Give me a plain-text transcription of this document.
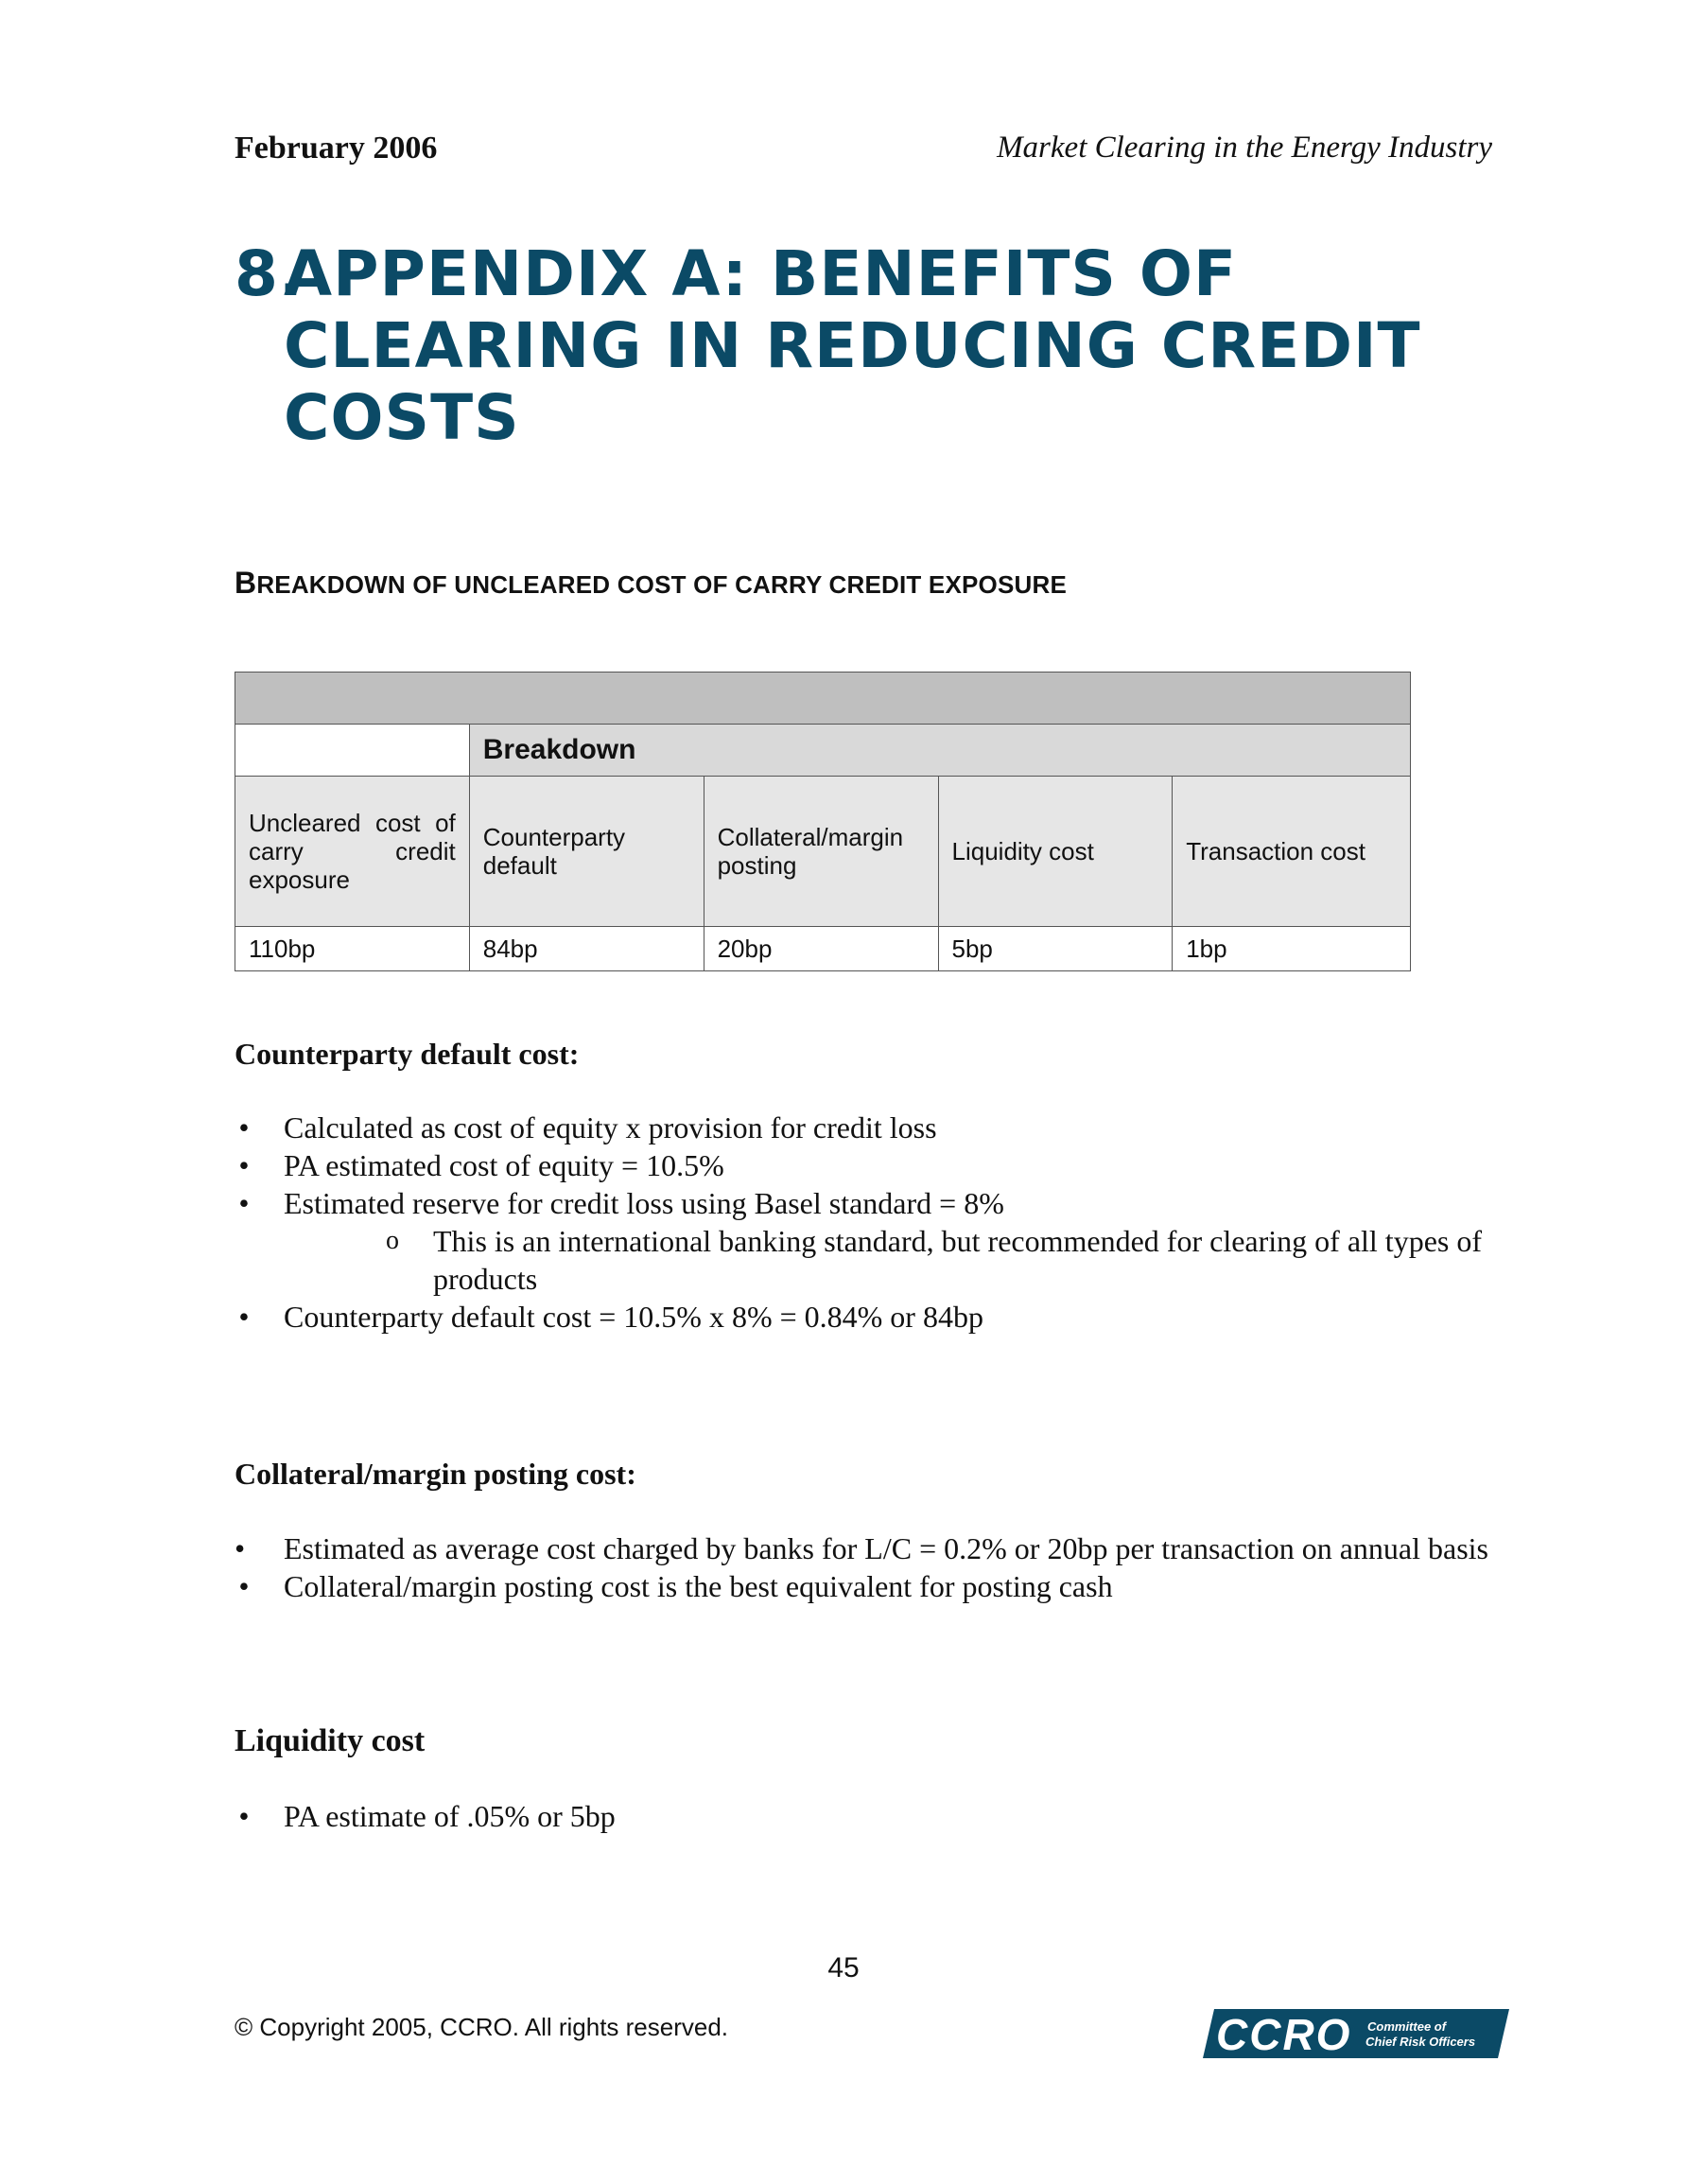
February 2006	Market Clearing in the Energy Industry
8.APPENDIX A: BENEFITS OF
CLEARING IN REDUCING CREDIT
COSTS
BREAKDOWN OF UNCLEARED COST OF CARRY CREDIT EXPOSURE

	Breakdown			
Uncleared cost of carry credit exposure	Counterparty default	Collateral/margin posting	Liquidity cost	Transaction cost
110bp	84bp	20bp	5bp	1bp
Counterparty default cost:
• Calculated as cost of equity x provision for credit loss
• PA estimated cost of equity = 10.5%
• Estimated reserve for credit loss using Basel standard = 8%
o This is an international banking standard, but recommended for clearing of all types of products
• Counterparty default cost = 10.5% x 8% = 0.84% or 84bp
Collateral/margin posting cost:
• Estimated as average cost charged by banks for L/C = 0.2% or 20bp per transaction on annual basis
• Collateral/margin posting cost is the best equivalent for posting cash
Liquidity cost
• PA estimate of .05% or 5bp
45
© Copyright 2005, CCRO. All rights reserved.	CCRO Committee of
Chief Risk Officers
